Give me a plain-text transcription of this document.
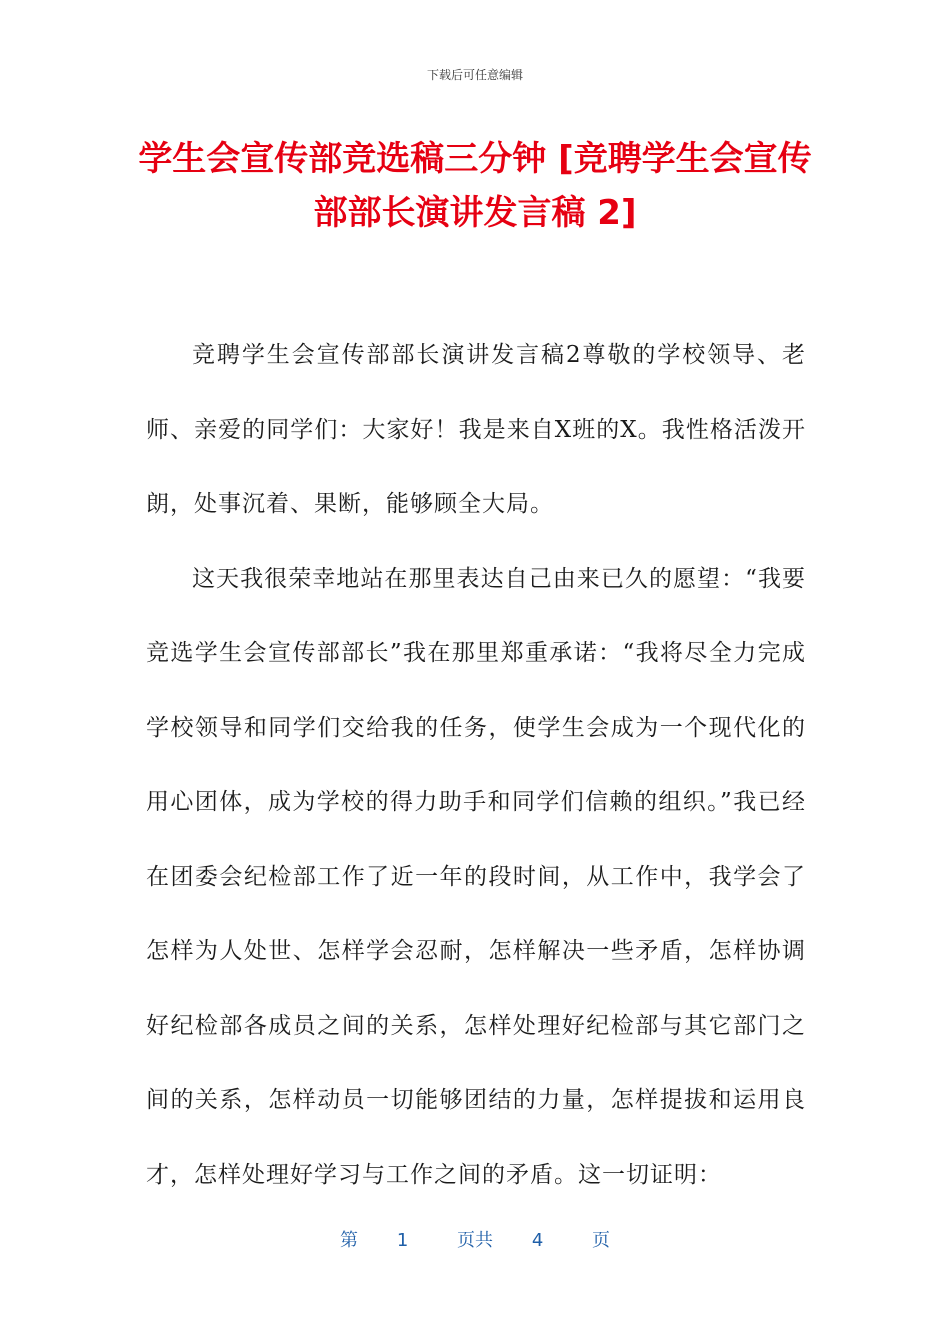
下载后可任意编辑
学生会宣传部竞选稿三分钟 [竞聘学生会宣传部部长演讲发言稿 2]

竞聘学生会宣传部部长演讲发言稿2尊敬的学校领导、老师、亲爱的同学们：大家好！我是来自X班的X。我性格活泼开朗，处事沉着、果断，能够顾全大局。

这天我很荣幸地站在那里表达自己由来已久的愿望：“我要竞选学生会宣传部部长”我在那里郑重承诺：“我将尽全力完成学校领导和同学们交给我的任务，使学生会成为一个现代化的用心团体，成为学校的得力助手和同学们信赖的组织。”我已经在团委会纪检部工作了近一年的段时间，从工作中，我学会了怎样为人处世、怎样学会忍耐，怎样解决一些矛盾，怎样协调好纪检部各成员之间的关系，怎样处理好纪检部与其它部门之间的关系，怎样动员一切能够团结的力量，怎样提拔和运用良才，怎样处理好学习与工作之间的矛盾。这一切证明：

第 1	页共 4	页
